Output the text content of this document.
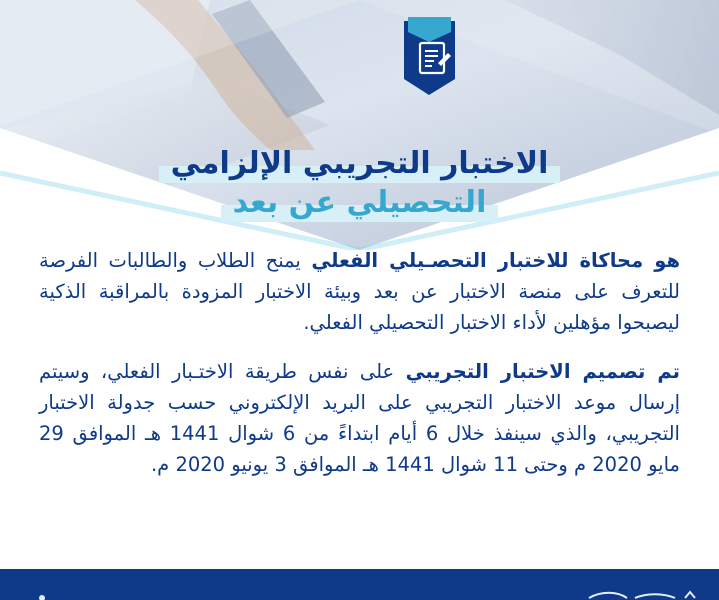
الاختبار التجريبي الإلزامي
التحصيلي عن بعد

هو محاكاة للاختبار التحصـيلي الفعلي يمنح الطلاب والطالبات الفرصة للتعرف على منصة الاختبار عن بعد وبيئة الاختبار المزودة بالمراقبة الذكية ليصبحوا مؤهلين لأداء الاختبار التحصيلي الفعلي.

تم تصميم الاختبار التجريبي على نفس طريقة الاختـبار الفعلي، وسيتم إرسال موعد الاختبار التجريبي على البريد الإلكتروني حسب جدولة الاختبار التجريبي، والذي سينفذ خلال 6 أيام ابتداءً من 6 شوال 1441 هـ الموافق 29 مايو 2020 م وحتى 11 شوال 1441 هـ الموافق 3 يونيو 2020 م.
